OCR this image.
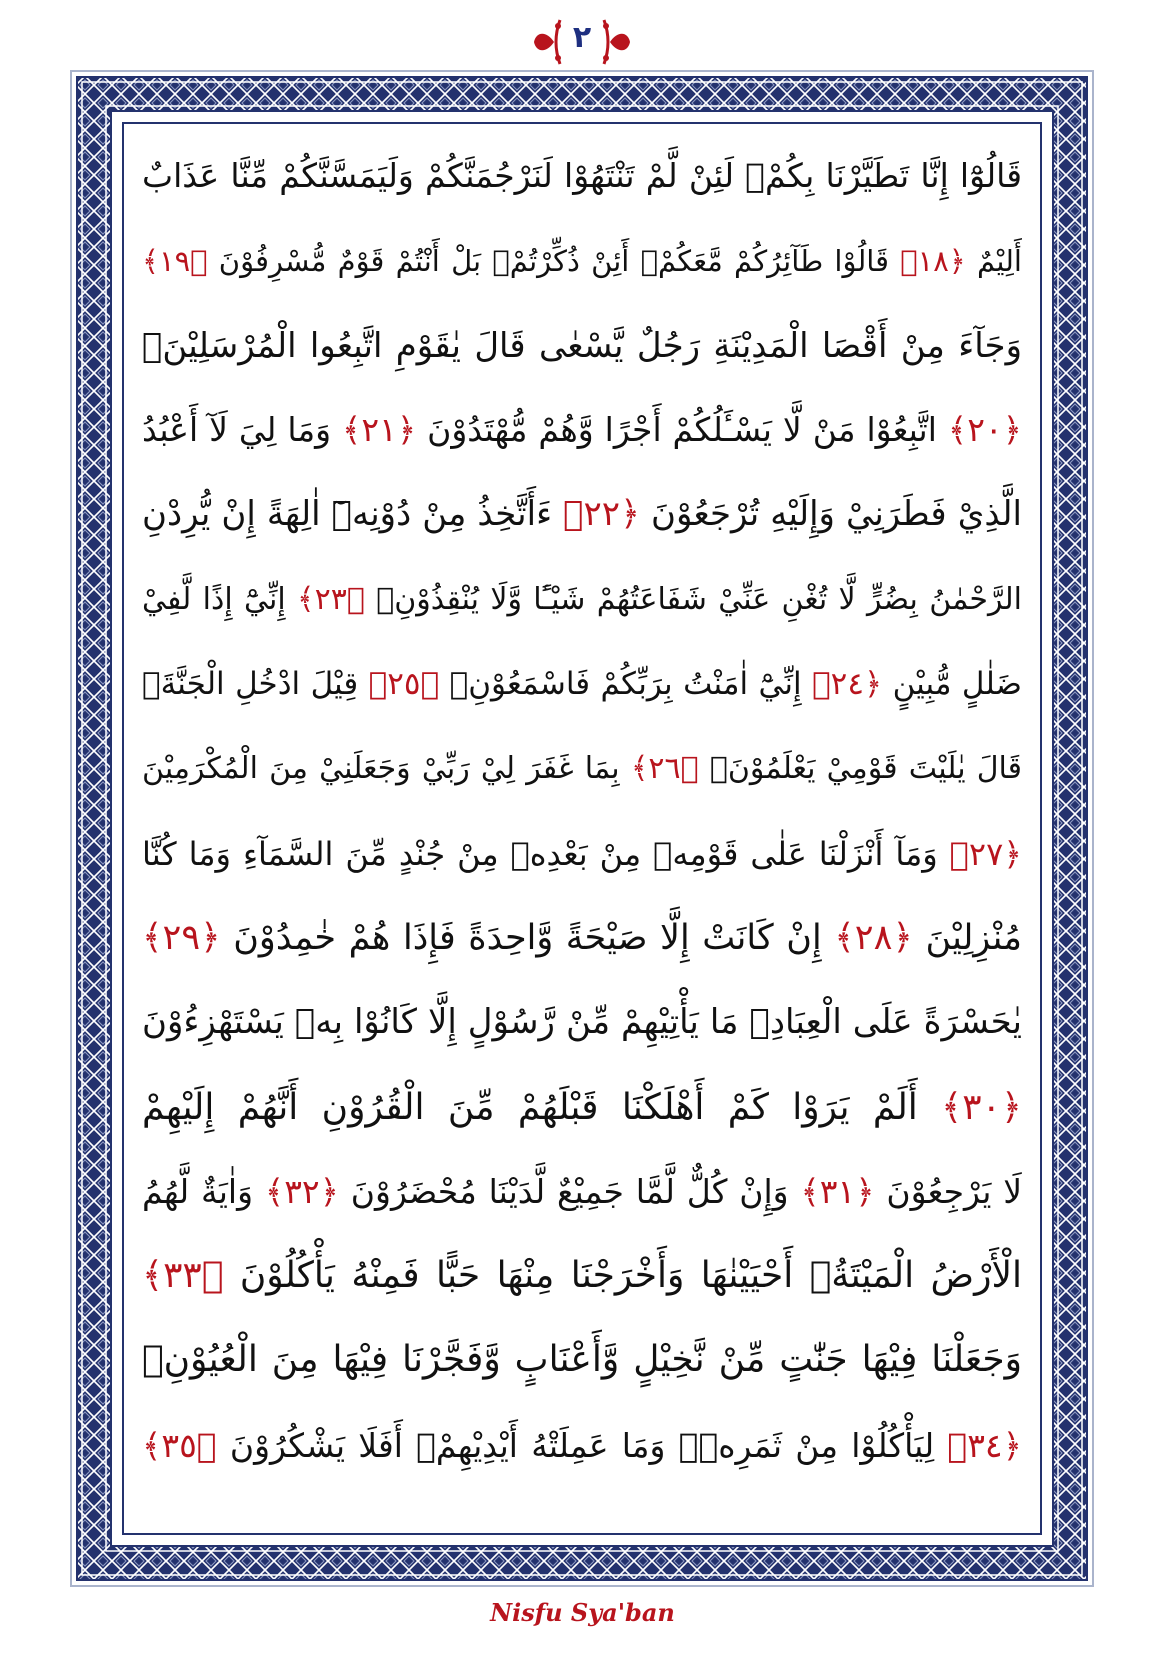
٢
قَالُوْٓا إِنَّا تَطَيَّرْنَا بِكُمْۚ لَئِنْ لَّمْ تَنْتَهُوْا لَنَرْجُمَنَّكُمْ وَلَيَمَسَّنَّكُمْ مِّنَّا عَذَابٌ
أَلِيْمٌ ﴿١٨﴾ قَالُوْا طَآئِرُكُمْ مَّعَكُمْۗ أَئِنْ ذُكِّرْتُمْۗ بَلْ أَنْتُمْ قَوْمٌ مُّسْرِفُوْنَ ﴿١٩﴾
وَجَآءَ مِنْ أَقْصَا الْمَدِيْنَةِ رَجُلٌ يَّسْعٰى قَالَ يٰقَوْمِ اتَّبِعُوا الْمُرْسَلِيْنَۙ
﴿٢٠﴾ اتَّبِعُوْا مَنْ لَّا يَسْـَٔلُكُمْ أَجْرًا وَّهُمْ مُّهْتَدُوْنَ ﴿٢١﴾ وَمَا لِيَ لَآ أَعْبُدُ
الَّذِيْ فَطَرَنِيْ وَإِلَيْهِ تُرْجَعُوْنَ ﴿٢٢﴾ ءَأَتَّخِذُ مِنْ دُوْنِهٖٓ اٰلِهَةً إِنْ يُّرِدْنِ
الرَّحْمٰنُ بِضُرٍّ لَّا تُغْنِ عَنِّيْ شَفَاعَتُهُمْ شَيْـًٔا وَّلَا يُنْقِذُوْنِۚ ﴿٢٣﴾ إِنِّيْٓ إِذًا لَّفِيْ
ضَلٰلٍ مُّبِيْنٍ ﴿٢٤﴾ إِنِّيْٓ اٰمَنْتُ بِرَبِّكُمْ فَاسْمَعُوْنِۗ ﴿٢٥﴾ قِيْلَ ادْخُلِ الْجَنَّةَۗ
قَالَ يٰلَيْتَ قَوْمِيْ يَعْلَمُوْنَۙ ﴿٢٦﴾ بِمَا غَفَرَ لِيْ رَبِّيْ وَجَعَلَنِيْ مِنَ الْمُكْرَمِيْنَ
﴿٢٧﴾ وَمَآ أَنْزَلْنَا عَلٰى قَوْمِهٖ مِنْ بَعْدِهٖ مِنْ جُنْدٍ مِّنَ السَّمَآءِ وَمَا كُنَّا
مُنْزِلِيْنَ ﴿٢٨﴾ إِنْ كَانَتْ إِلَّا صَيْحَةً وَّاحِدَةً فَإِذَا هُمْ خٰمِدُوْنَ ﴿٢٩﴾
يٰحَسْرَةً عَلَى الْعِبَادِۚ مَا يَأْتِيْهِمْ مِّنْ رَّسُوْلٍ إِلَّا كَانُوْا بِهٖ يَسْتَهْزِءُوْنَ
﴿٣٠﴾ أَلَمْ يَرَوْا كَمْ أَهْلَكْنَا قَبْلَهُمْ مِّنَ الْقُرُوْنِ أَنَّهُمْ إِلَيْهِمْ
لَا يَرْجِعُوْنَ ﴿٣١﴾ وَإِنْ كُلٌّ لَّمَّا جَمِيْعٌ لَّدَيْنَا مُحْضَرُوْنَ ﴿٣٢﴾ وَاٰيَةٌ لَّهُمُ
الْأَرْضُ الْمَيْتَةُۖ أَحْيَيْنٰهَا وَأَخْرَجْنَا مِنْهَا حَبًّا فَمِنْهُ يَأْكُلُوْنَ ﴿٣٣﴾
وَجَعَلْنَا فِيْهَا جَنّٰتٍ مِّنْ نَّخِيْلٍ وَّأَعْنَابٍ وَّفَجَّرْنَا فِيْهَا مِنَ الْعُيُوْنِۙ
﴿٣٤﴾ لِيَأْكُلُوْا مِنْ ثَمَرِهٖۙ وَمَا عَمِلَتْهُ أَيْدِيْهِمْۗ أَفَلَا يَشْكُرُوْنَ ﴿٣٥﴾
Nisfu Sya'ban
